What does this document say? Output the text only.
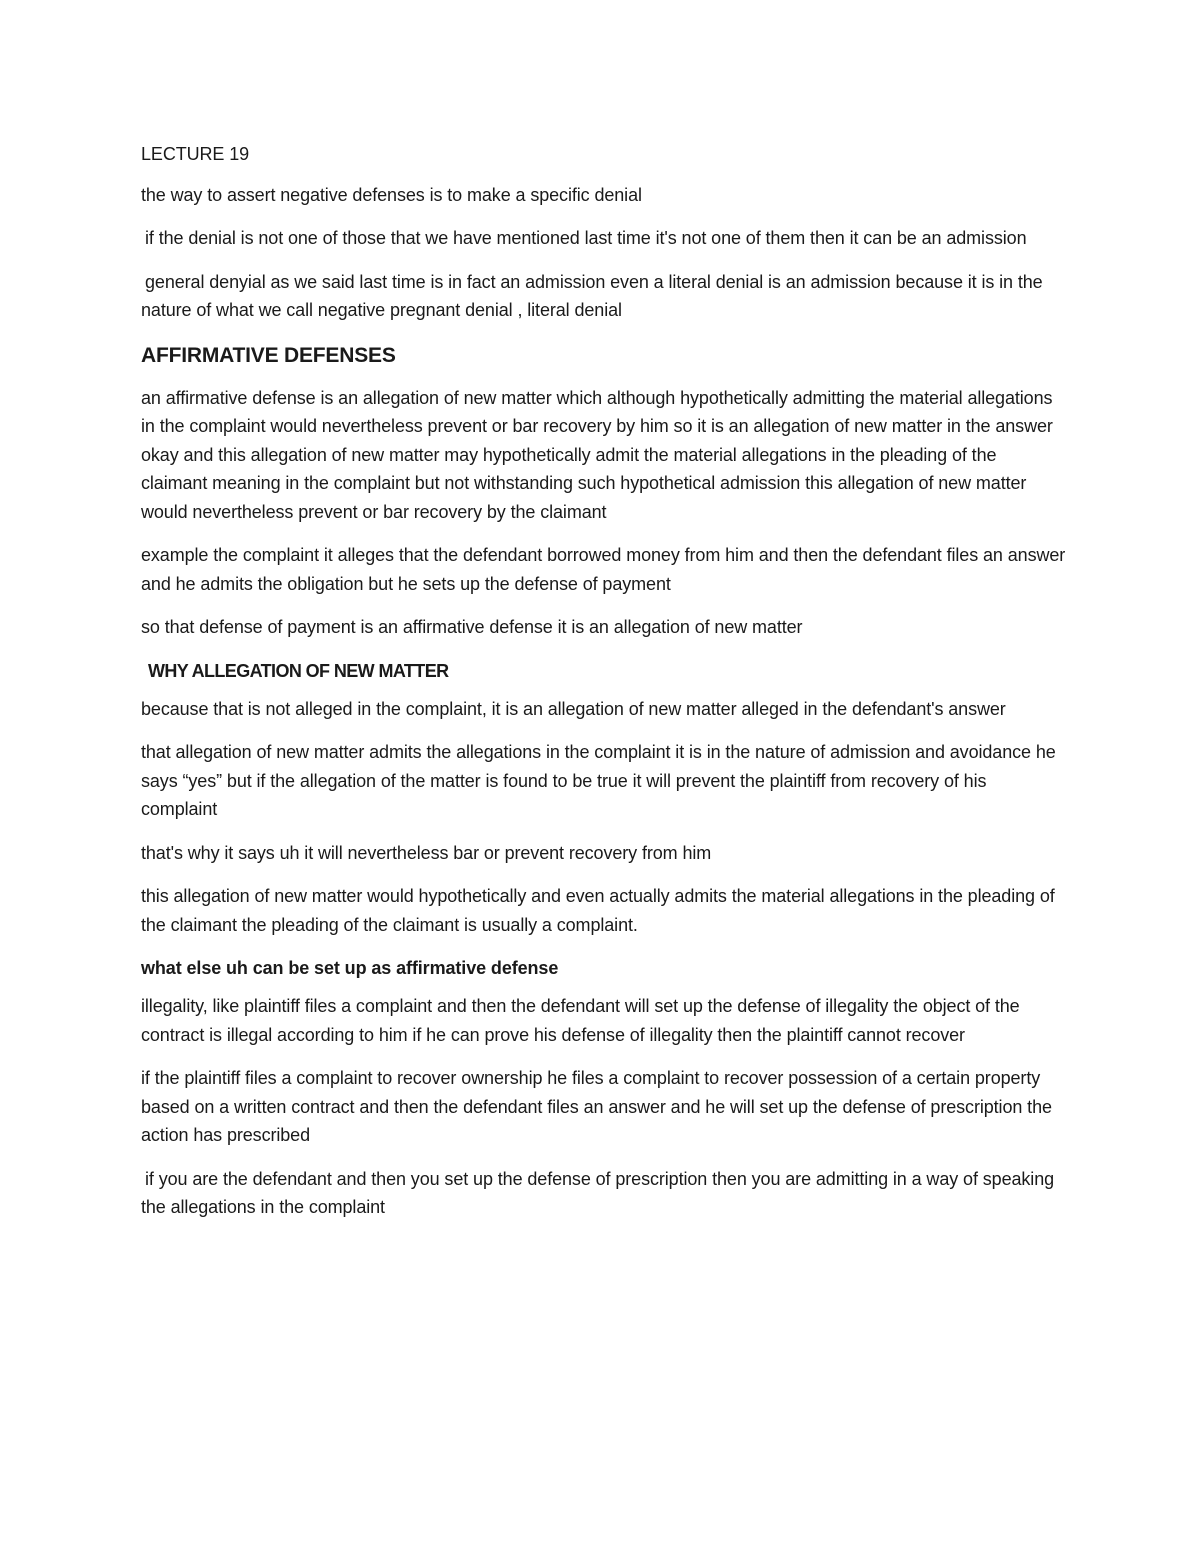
LECTURE 19

the way to assert negative defenses is to make a specific denial

if the denial is not one of those that we have mentioned last time it's not one of them then it can be an admission

general denyial as we said last time is in fact an admission even a literal denial is an admission because it is in the nature of what we call negative pregnant denial , literal denial

AFFIRMATIVE DEFENSES

an affirmative defense is an allegation of new matter which although hypothetically admitting the material allegations in the complaint would nevertheless prevent or bar recovery by him so it is an allegation of new matter in the answer okay and this allegation of new matter may hypothetically admit the material allegations in the pleading of the claimant meaning in the complaint but not withstanding such hypothetical admission this allegation of new matter would nevertheless prevent or bar recovery by the claimant

example the complaint it alleges that the defendant borrowed money from him and then the defendant files an answer and he admits the obligation but he sets up the defense of payment

so that defense of payment is an affirmative defense it is an allegation of new matter

WHY ALLEGATION OF NEW MATTER

because that is not alleged in the complaint, it is an allegation of new matter alleged in the defendant's answer

that allegation of new matter admits the allegations in the complaint it is in the nature of admission and avoidance he says “yes” but if the allegation of the matter is found to be true it will prevent the plaintiff from recovery of his complaint

that's why it says uh it will nevertheless bar or prevent recovery from him

this allegation of new matter would hypothetically and even actually admits the material allegations in the pleading of the claimant the pleading of the claimant is usually a complaint.

what else uh can be set up as affirmative defense

illegality, like plaintiff files a complaint and then the defendant will set up the defense of illegality the object of the contract is illegal according to him if he can prove his defense of illegality then the plaintiff cannot recover

if the plaintiff files a complaint to recover ownership he files a complaint to recover possession of a certain property based on a written contract and then the defendant files an answer and he will set up the defense of prescription the action has prescribed

if you are the defendant and then you set up the defense of prescription then you are admitting in a way of speaking the allegations in the complaint
